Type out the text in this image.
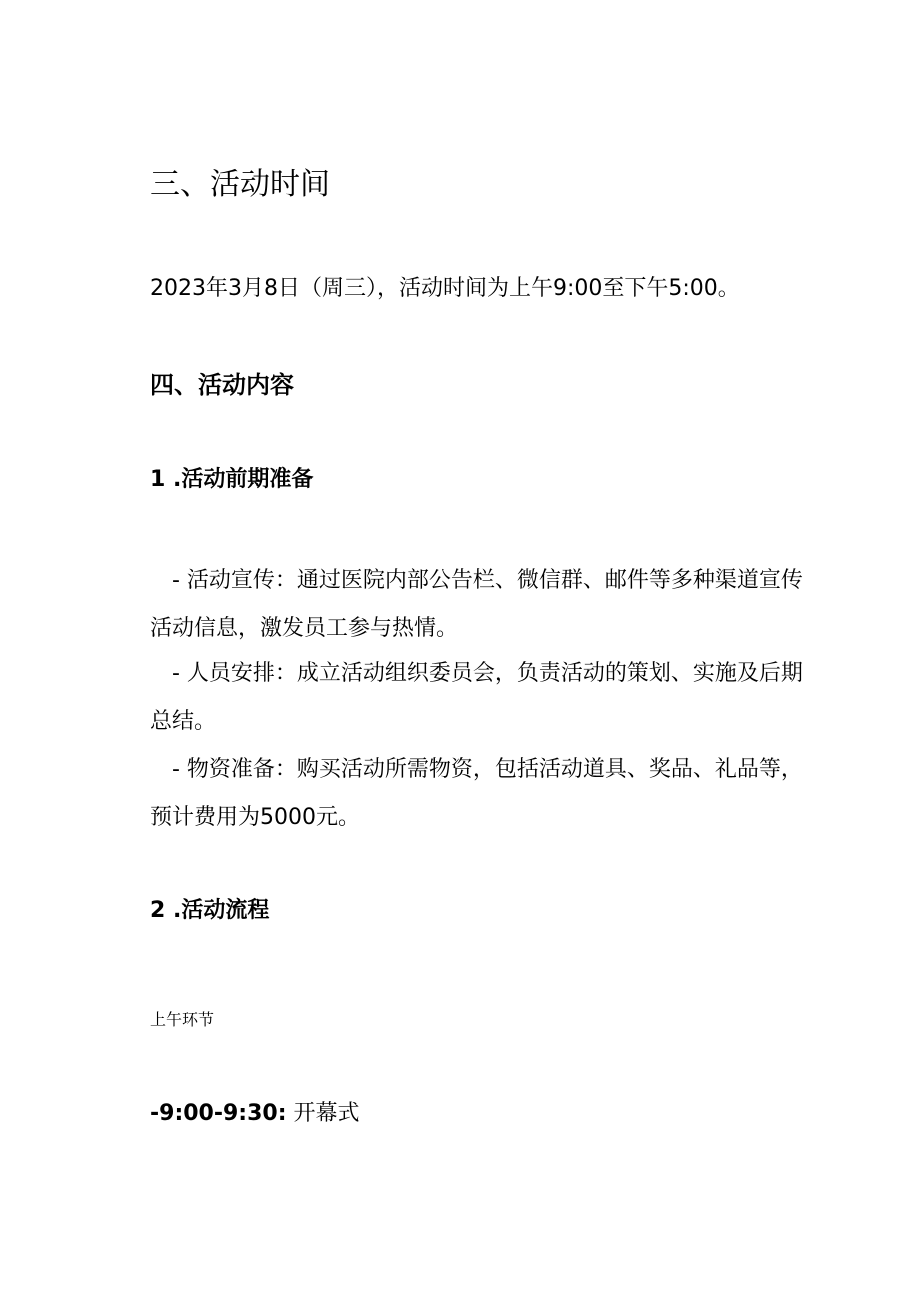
三、活动时间
2023年3月8日（周三），活动时间为上午9:00至下午5:00。
四、活动内容
1 .活动前期准备
- 活动宣传：通过医院内部公告栏、微信群、邮件等多种渠道宣传活动信息，激发员工参与热情。
- 人员安排：成立活动组织委员会，负责活动的策划、实施及后期总结。
- 物资准备：购买活动所需物资，包括活动道具、奖品、礼品等，预计费用为5000元。
2 .活动流程
上午环节
-9:00-9:30: 开幕式
